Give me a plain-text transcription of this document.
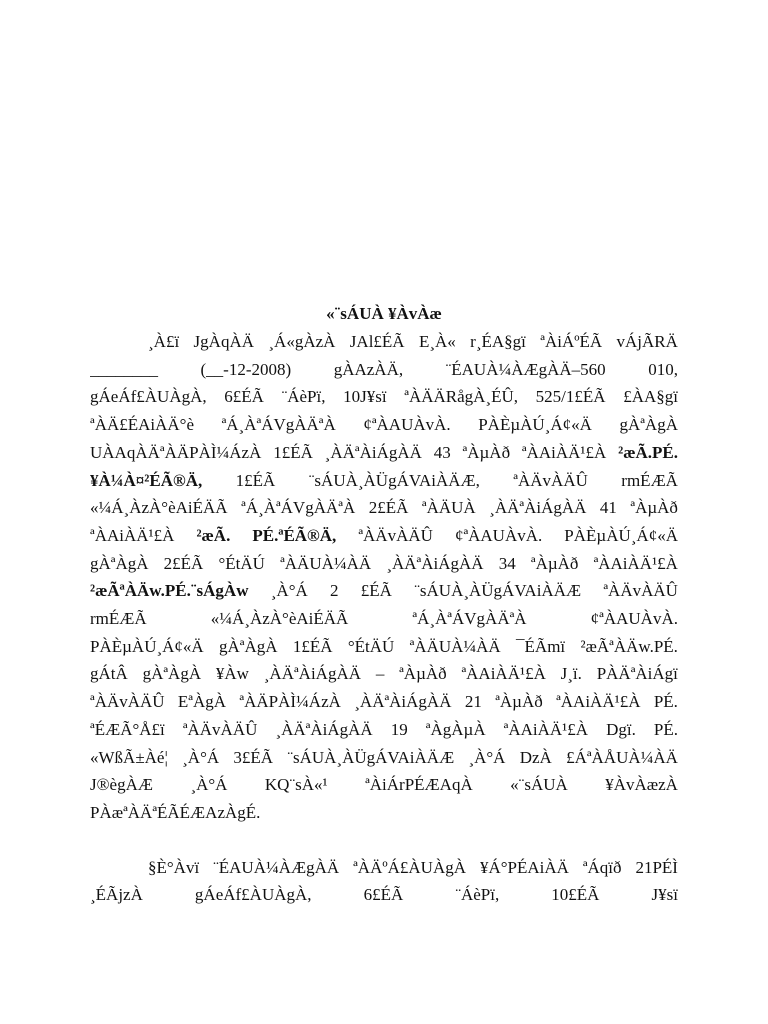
«¨sÁUÀ ¥ÀvÀæ
¸À£ï JgÀqÀÄ ¸Á«gÀzÀ JAl£ÉÃ E¸À« r¸ÉA§gï ªÀiÁºÉÃ vÁjÃRÄ
________	(__-12-2008)	gÀAzÀÄ,	¨ÉAUÀ¼ÀÆgÀÄ–560	010,
gÁeÁf£ÀUÀgÀ, 6£ÉÃ ¨ÁèPï, 10J¥sï ªÀÄÄRågÀ¸ÉÛ, 525/1£ÉÃ £ÀA§gï
ªÀÄ£ÉAiÀÄ°è ªÁ¸ÀªÁVgÀÄªÀ ¢ªÀAUÀvÀ. PÀÈµÀÚ¸Á¢«Ä gÀªÀgÀ
UÀAqÀÄªÀÄPÀÌ¼ÁzÀ 1£ÉÃ ¸ÀÄªÀiÁgÀÄ 43 ªÀµÀð ªÀAiÀÄ¹£À ²æÃ.PÉ.
¥À¼À¤²ÉÃ®Ä, 1£ÉÃ ¨sÁUÀ¸ÀÜgÁVAiÀÄÆ, ªÀÄvÀÄÛ rmÉÆÃ
«¼Á¸ÀzÀ°èAiÉÄÃ ªÁ¸ÀªÁVgÀÄªÀ 2£ÉÃ ªÀÄUÀ ¸ÀÄªÀiÁgÀÄ 41 ªÀµÀð
ªÀAiÀÄ¹£À ²æÃ. PÉ.ªÉÃ®Ä, ªÀÄvÀÄÛ ¢ªÀAUÀvÀ. PÀÈµÀÚ¸Á¢«Ä
gÀªÀgÀ 2£ÉÃ °ÉtÄÚ ªÀÄUÀ¼ÀÄ ¸ÀÄªÀiÁgÀÄ 34 ªÀµÀð ªÀAiÀÄ¹£À
²æÃªÀÄw.PÉ.¨sÁgÀw ¸À°Á 2 £ÉÃ ¨sÁUÀ¸ÀÜgÁVAiÀÄÆ ªÀÄvÀÄÛ
rmÉÆÃ	«¼Á¸ÀzÀ°èAiÉÄÃ	ªÁ¸ÀªÁVgÀÄªÀ	¢ªÀAUÀvÀ.
PÀÈµÀÚ¸Á¢«Ä gÀªÀgÀ 1£ÉÃ °ÉtÄÚ ªÀÄUÀ¼ÀÄ ¯ÉÃmï ²æÃªÀÄw.PÉ.
gÁtÂ gÀªÀgÀ ¥Àw ¸ÀÄªÀiÁgÀÄ – ªÀµÀð ªÀAiÀÄ¹£À J¸ï. PÀÄªÀiÁgï
ªÀÄvÀÄÛ EªÀgÀ ªÀÄPÀÌ¼ÁzÀ ¸ÀÄªÀiÁgÀÄ 21 ªÀµÀð ªÀAiÀÄ¹£À PÉ.
ªÉÆÃ°Å£ï ªÀÄvÀÄÛ ¸ÀÄªÀiÁgÀÄ 19 ªÀgÀµÀ ªÀAiÀÄ¹£À Dgï. PÉ.
«WßÃ±Àé¦ ¸À°Á 3£ÉÃ ¨sÁUÀ¸ÀÜgÁVAiÀÄÆ ¸À°Á DzÀ £ÁªÀÅUÀ¼ÀÄ
J®ègÀÆ ¸À°Á KQ¨sÀ«¹ ªÀiÁrPÉÆAqÀ «¨sÁUÀ ¥ÀvÀæzÀ
PÀæªÀÄªÉÃÉÆAzÀgÉ.
§È°Àvï ¨ÉAUÀ¼ÀÆgÀÄ ªÀÄºÁ£ÀUÀgÀ ¥Á°PÉAiÀÄ ªÁqïð 21PÉÌ
¸ÉÃjzÀ	gÁeÁf£ÀUÀgÀ,	6£ÉÃ	¨ÁèPï,	10£ÉÃ	J¥sï
